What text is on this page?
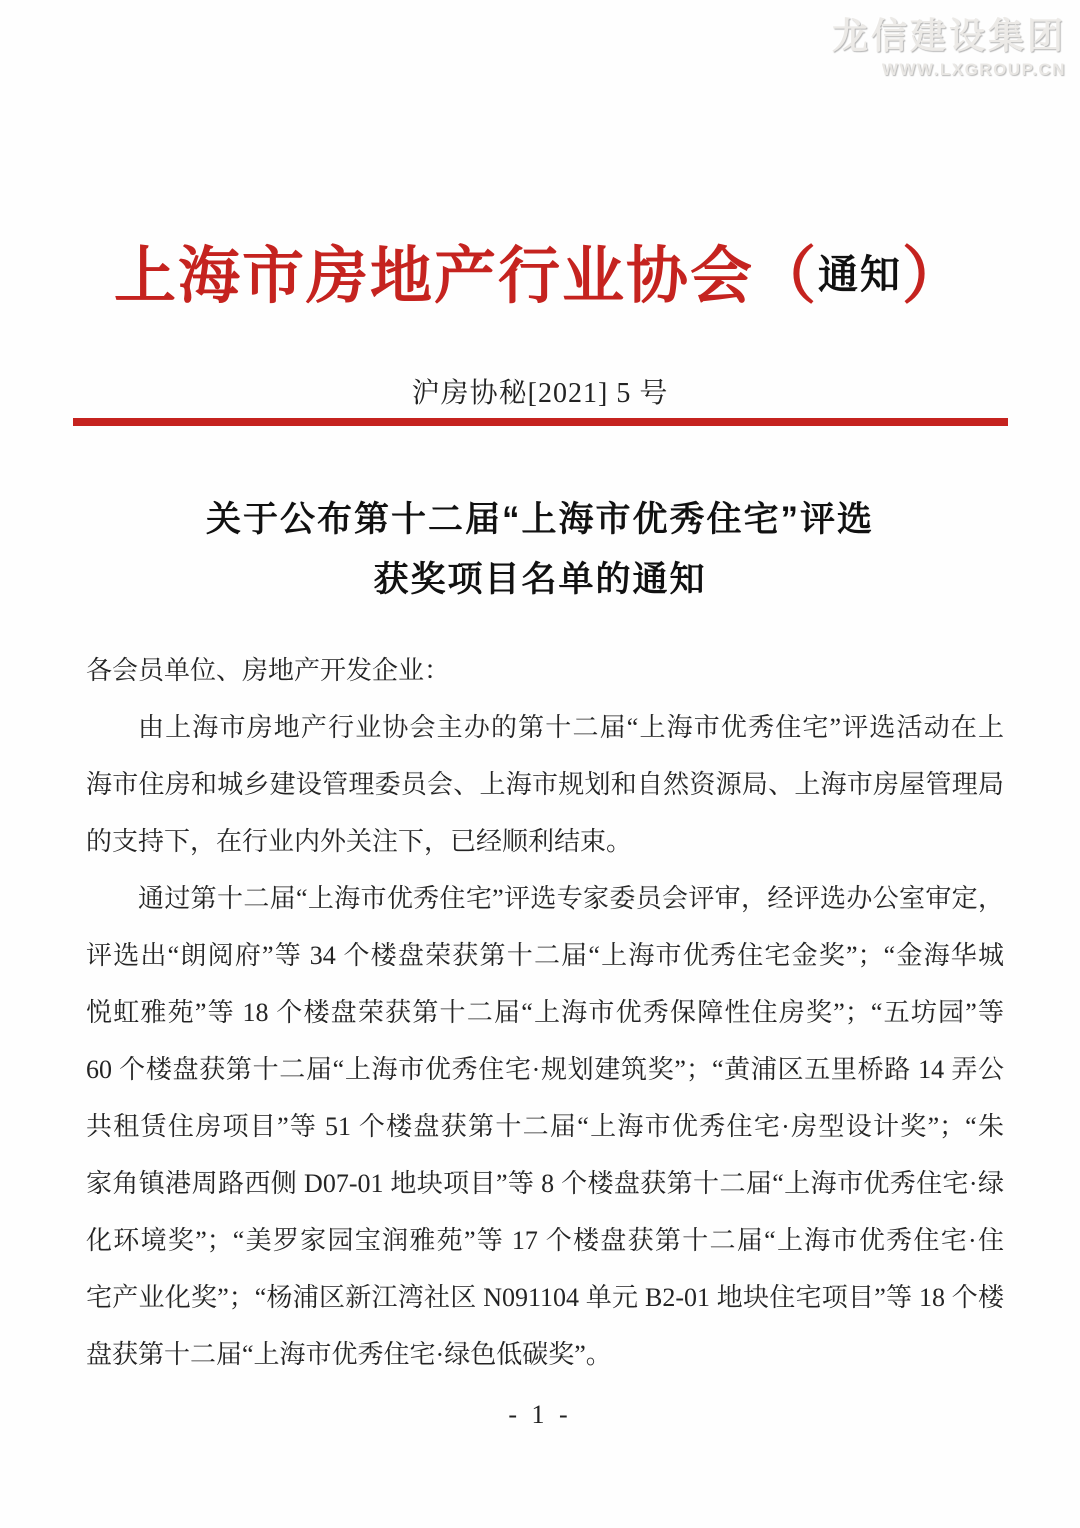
龙信建设集团
WWW.LXGROUP.CN
上海市房地产行业协会（通知）
沪房协秘[2021] 5 号
关于公布第十二届“上海市优秀住宅”评选
获奖项目名单的通知
各会员单位、房地产开发企业：
由上海市房地产行业协会主办的第十二届“上海市优秀住宅”评选活动在上
海市住房和城乡建设管理委员会、上海市规划和自然资源局、上海市房屋管理局
的支持下，在行业内外关注下，已经顺利结束。
通过第十二届“上海市优秀住宅”评选专家委员会评审，经评选办公室审定，
评选出“朗阅府”等 34 个楼盘荣获第十二届“上海市优秀住宅金奖”；“金海华城
悦虹雅苑”等 18 个楼盘荣获第十二届“上海市优秀保障性住房奖”；“五坊园”等
60 个楼盘获第十二届“上海市优秀住宅·规划建筑奖”；“黄浦区五里桥路 14 弄公
共租赁住房项目”等 51 个楼盘获第十二届“上海市优秀住宅·房型设计奖”；“朱
家角镇港周路西侧 D07-01 地块项目”等 8 个楼盘获第十二届“上海市优秀住宅·绿
化环境奖”；“美罗家园宝润雅苑”等 17 个楼盘获第十二届“上海市优秀住宅·住
宅产业化奖”；“杨浦区新江湾社区 N091104 单元 B2-01 地块住宅项目”等 18 个楼
盘获第十二届“上海市优秀住宅·绿色低碳奖”。
- 1 -
